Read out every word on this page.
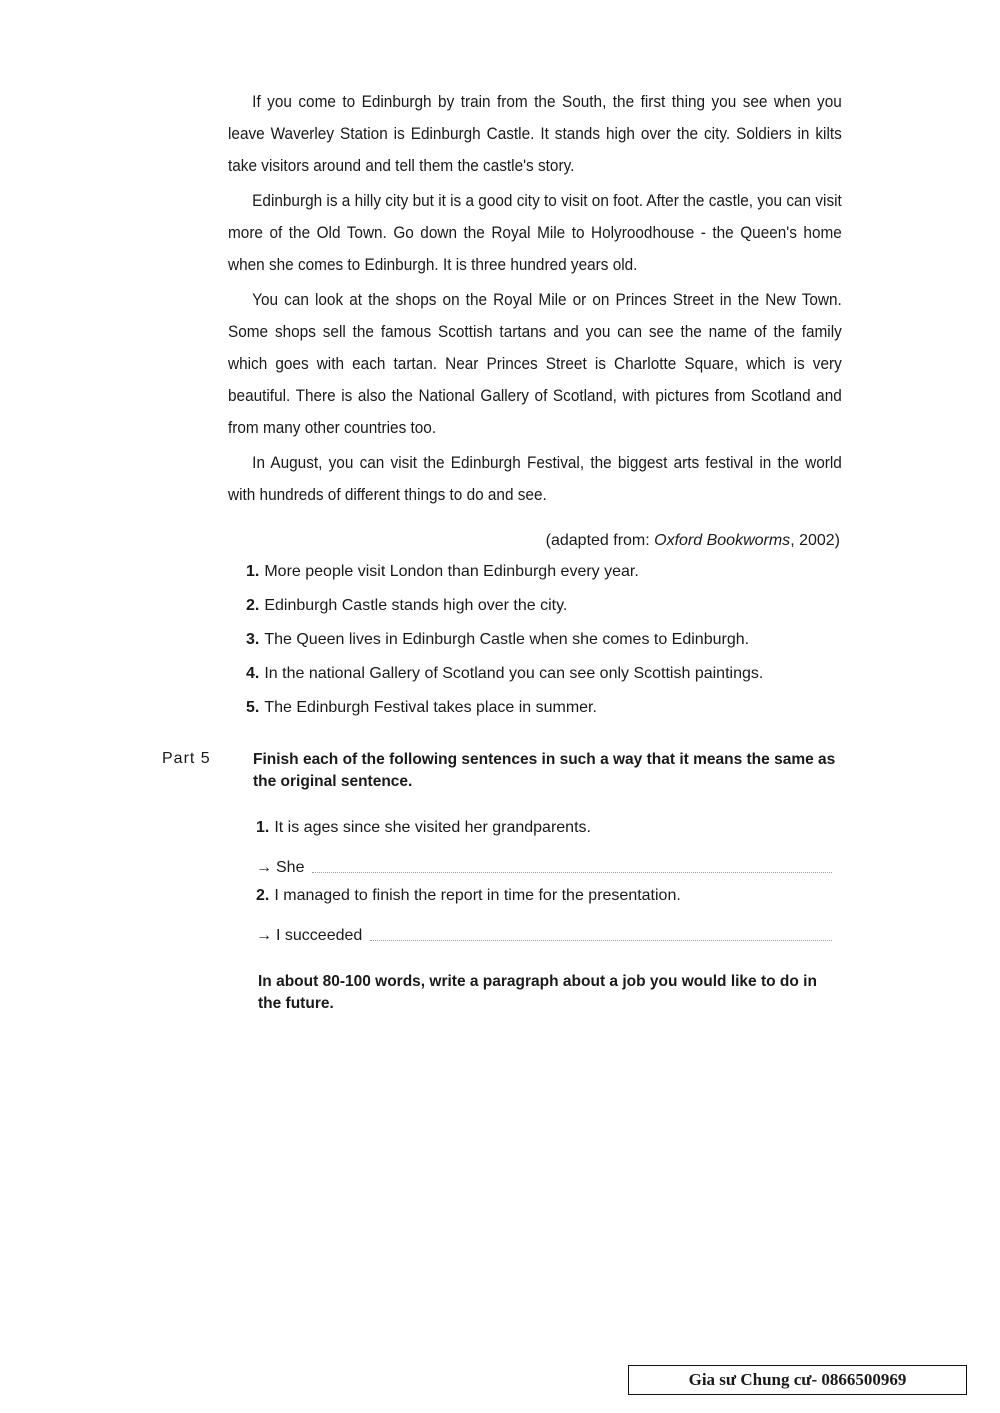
If you come to Edinburgh by train from the South, the first thing you see when you leave Waverley Station is Edinburgh Castle. It stands high over the city. Soldiers in kilts take visitors around and tell them the castle's story.

Edinburgh is a hilly city but it is a good city to visit on foot. After the castle, you can visit more of the Old Town. Go down the Royal Mile to Holyroodhouse - the Queen's home when she comes to Edinburgh. It is three hundred years old.

You can look at the shops on the Royal Mile or on Princes Street in the New Town. Some shops sell the famous Scottish tartans and you can see the name of the family which goes with each tartan. Near Princes Street is Charlotte Square, which is very beautiful. There is also the National Gallery of Scotland, with pictures from Scotland and from many other countries too.

In August, you can visit the Edinburgh Festival, the biggest arts festival in the world with hundreds of different things to do and see.

(adapted from: Oxford Bookworms, 2002)
1. More people visit London than Edinburgh every year.
2. Edinburgh Castle stands high over the city.
3. The Queen lives in Edinburgh Castle when she comes to Edinburgh.
4. In the national Gallery of Scotland you can see only Scottish paintings.
5. The Edinburgh Festival takes place in summer.
Part 5	Finish each of the following sentences in such a way that it means the same as the original sentence.
1. It is ages since she visited her grandparents.
→ She
2. I managed to finish the report in time for the presentation.
→ I succeeded
In about 80-100 words, write a paragraph about a job you would like to do in the future.
Gia sư Chung cư- 0866500969
